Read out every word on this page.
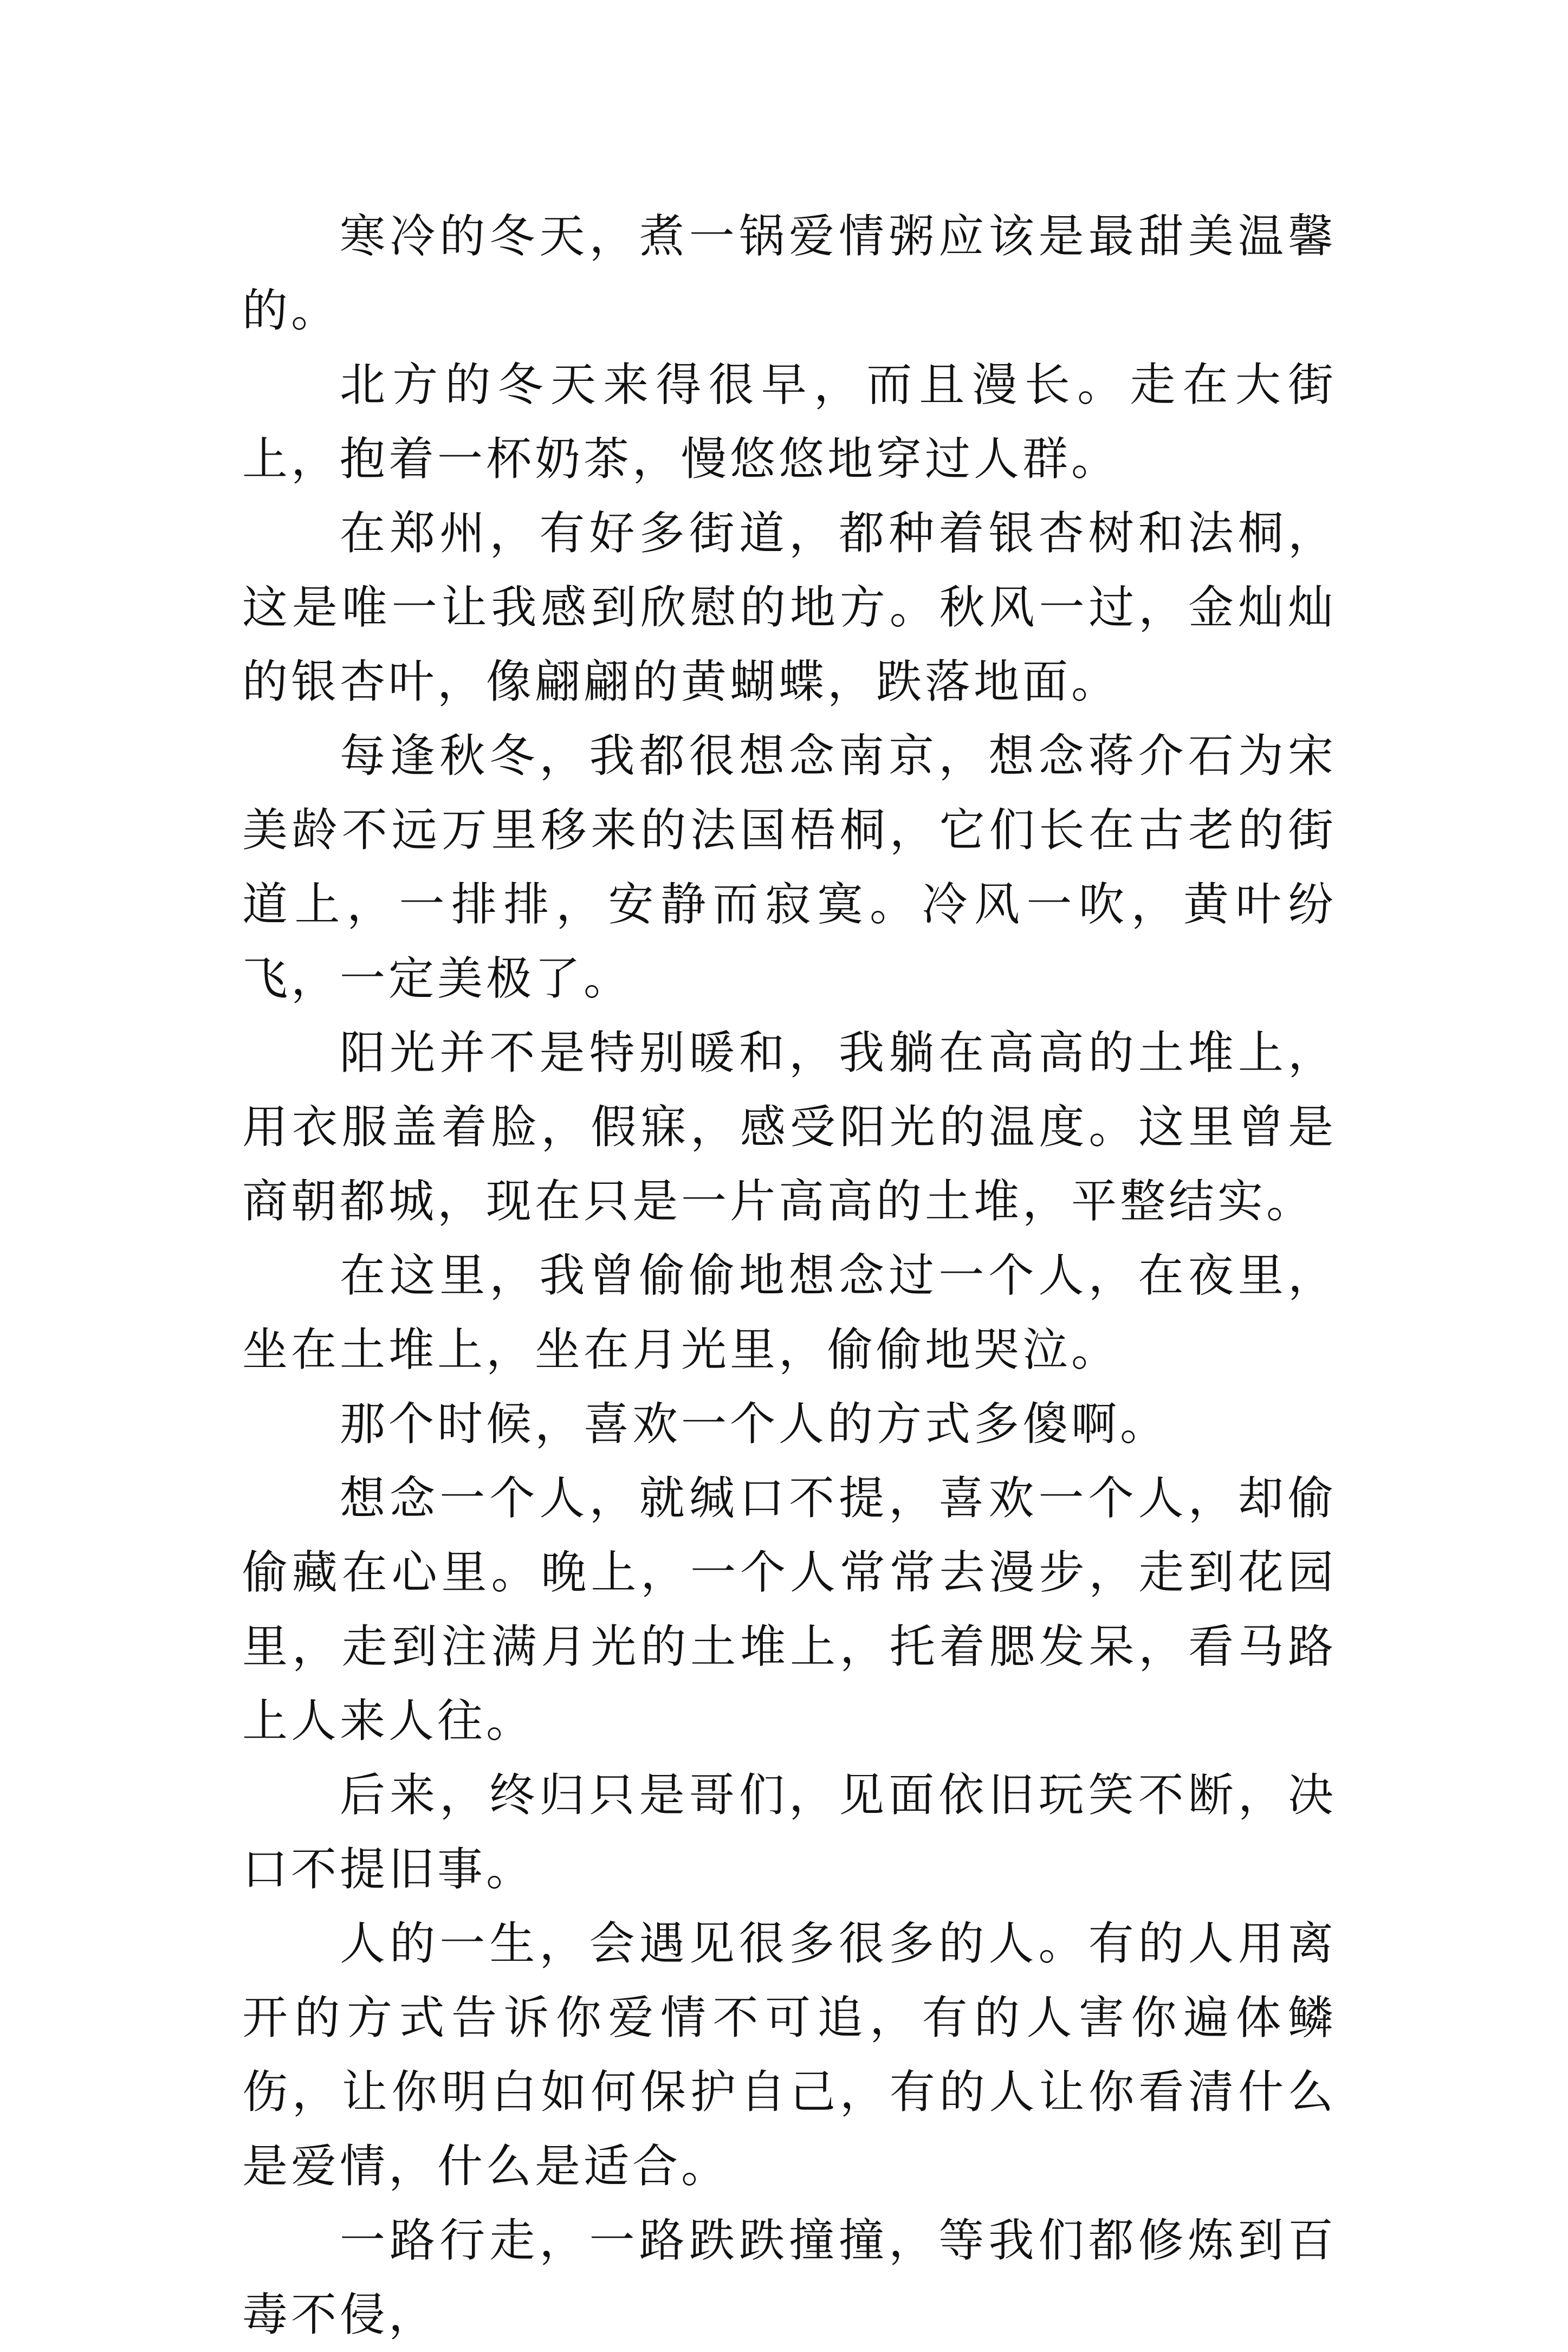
寒冷的冬天，煮一锅爱情粥应该是最甜美温馨的。

北方的冬天来得很早，而且漫长。走在大街上，抱着一杯奶茶，慢悠悠地穿过人群。

在郑州，有好多街道，都种着银杏树和法桐，这是唯一让我感到欣慰的地方。秋风一过，金灿灿的银杏叶，像翩翩的黄蝴蝶，跌落地面。

每逢秋冬，我都很想念南京，想念蒋介石为宋美龄不远万里移来的法国梧桐，它们长在古老的街道上，一排排，安静而寂寞。冷风一吹，黄叶纷飞，一定美极了。

阳光并不是特别暖和，我躺在高高的土堆上，用衣服盖着脸，假寐，感受阳光的温度。这里曾是商朝都城，现在只是一片高高的土堆，平整结实。

在这里，我曾偷偷地想念过一个人，在夜里，坐在土堆上，坐在月光里，偷偷地哭泣。

那个时候，喜欢一个人的方式多傻啊。

想念一个人，就缄口不提，喜欢一个人，却偷偷藏在心里。晚上，一个人常常去漫步，走到花园里，走到注满月光的土堆上，托着腮发呆，看马路上人来人往。

后来，终归只是哥们，见面依旧玩笑不断，决口不提旧事。

人的一生，会遇见很多很多的人。有的人用离开的方式告诉你爱情不可追，有的人害你遍体鳞伤，让你明白如何保护自己，有的人让你看清什么是爱情，什么是适合。

一路行走，一路跌跌撞撞，等我们都修炼到百毒不侵，
